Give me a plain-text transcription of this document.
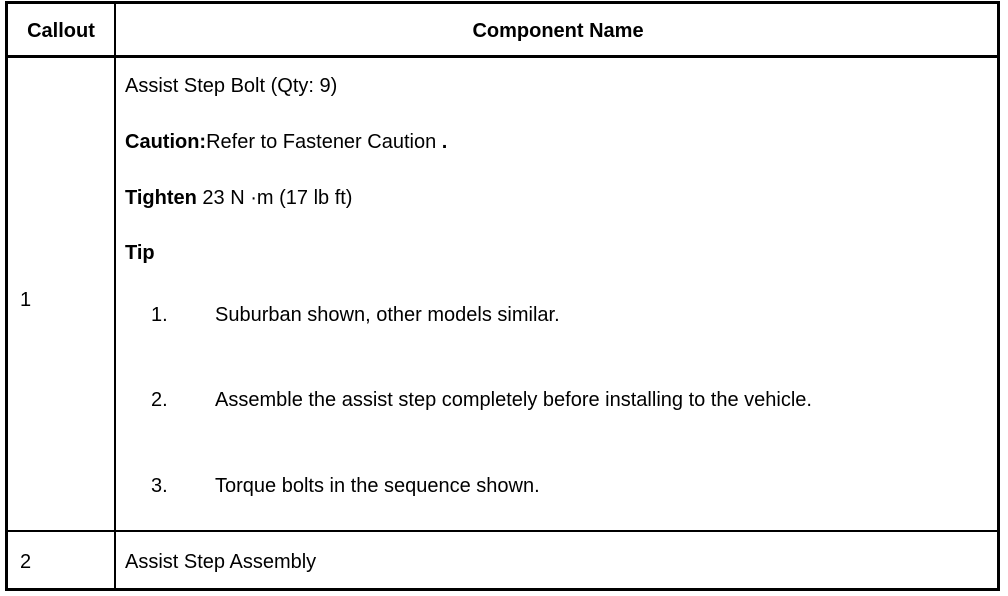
Callout	Component Name
1
Assist Step Bolt (Qty: 9)
Caution:Refer to Fastener Caution .
Tighten 23 N ·m (17 lb ft)
Tip
1. Suburban shown, other models similar.
2. Assemble the assist step completely before installing to the vehicle.
3. Torque bolts in the sequence shown.
2	Assist Step Assembly
